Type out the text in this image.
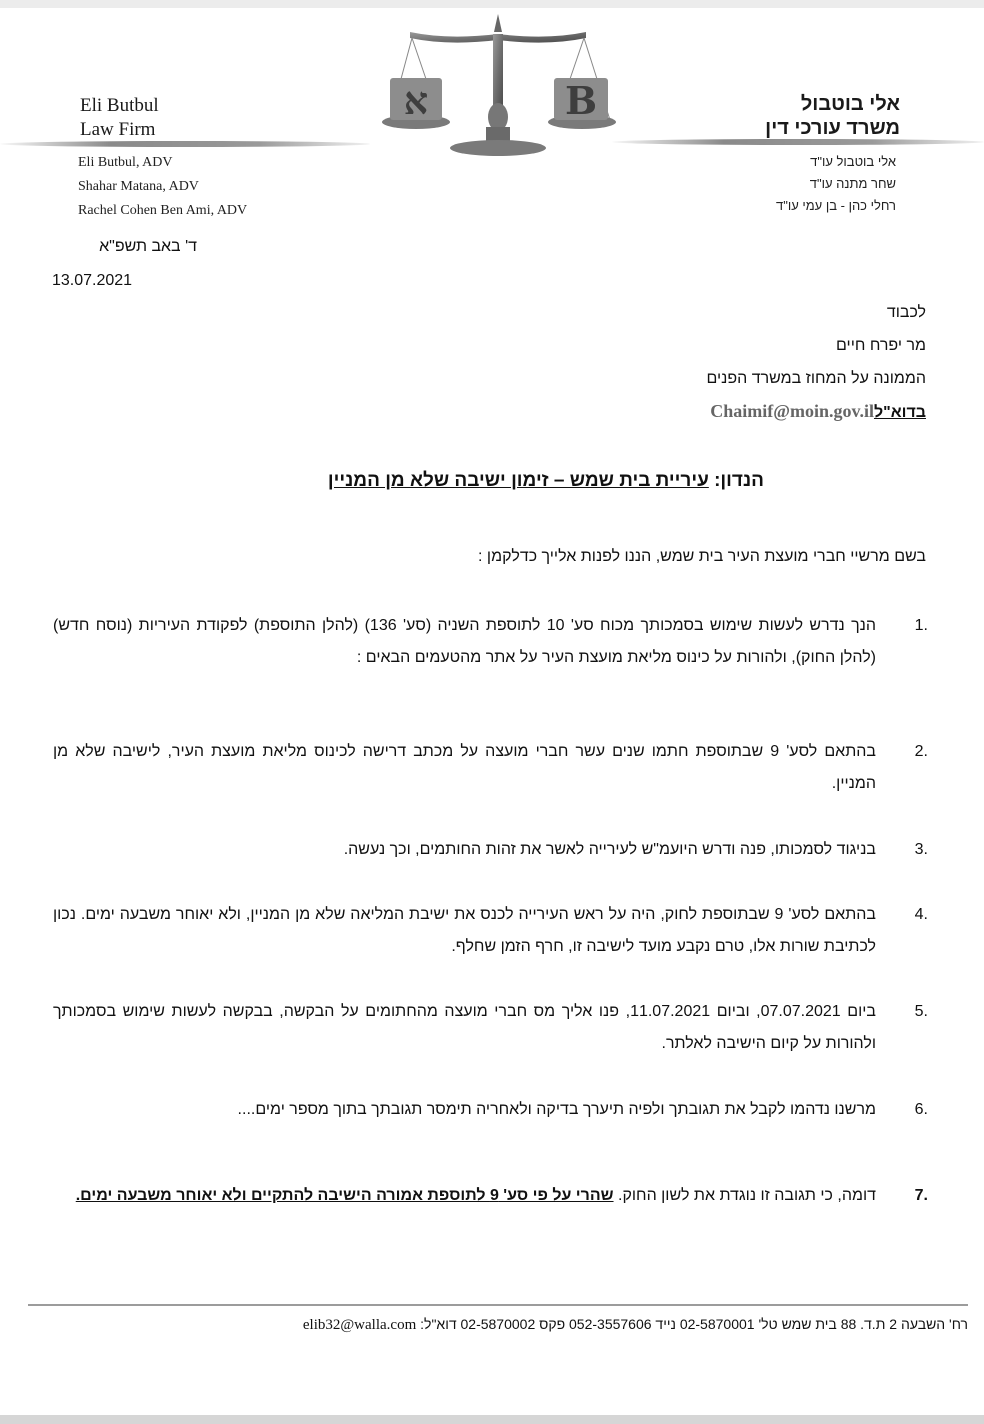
Eli Butbul
Law Firm
Eli Butbul, ADV
Shahar Matana, ADV
Rachel Cohen Ben Ami, ADV
א	B	אלי בוטבול
משרד עורכי דין
אלי בוטבול עו"ד
שחר מתנה עו"ד
רחלי כהן - בן עמי עו"ד
ד' באב תשפ"א
13.07.2021
לכבוד
מר יפרח חיים
הממונה על המחוז במשרד הפנים
בדוא"לChaimif@moin.gov.il
הנדון: עיריית בית שמש – זימון ישיבה שלא מן המניין
בשם מרשיי חברי מועצת העיר בית שמש, הננו לפנות אלייך כדלקמן :
1.
הנך נדרש לעשות שימוש בסמכותך מכוח סע' 10 לתוספת השניה (סע' 136) (להלן התוספת) לפקודת העיריות (נוסח חדש) (להלן החוק), ולהורות על כינוס מליאת מועצת העיר על אתר מהטעמים הבאים :
2.
בהתאם לסע' 9 שבתוספת חתמו שנים עשר חברי מועצה על מכתב דרישה לכינוס מליאת מועצת העיר, לישיבה שלא מן המניין.
3.
בניגוד לסמכותו, פנה ודרש היועמ"ש לעירייה לאשר את זהות החותמים, וכך נעשה.
4.
בהתאם לסע' 9 שבתוספת לחוק, היה על ראש העירייה לכנס את ישיבת המליאה שלא מן המניין, ולא יאוחר משבעה ימים. נכון לכתיבת שורות אלו, טרם נקבע מועד לישיבה זו, חרף הזמן שחלף.
5.
ביום 07.07.2021, וביום 11.07.2021, פנו אליך מס חברי מועצה מהחתומים על הבקשה, בבקשה לעשות שימוש בסמכותך ולהורות על קיום הישיבה לאלתר.
6.
מרשנו נדהמו לקבל את תגובתך ולפיה תיערך בדיקה ולאחריה תימסר תגובתך בתוך מספר ימים....
7.
דומה, כי תגובה זו נוגדת את לשון החוק. שהרי על פי סע' 9 לתוספת אמורה הישיבה להתקיים ולא יאוחר משבעה ימים.
רח' השבעה 2 ת.ד. 88 בית שמש טל' 02-5870001 נייד 052-3557606 פקס 02-5870002 דוא"ל: elib32@walla.com
